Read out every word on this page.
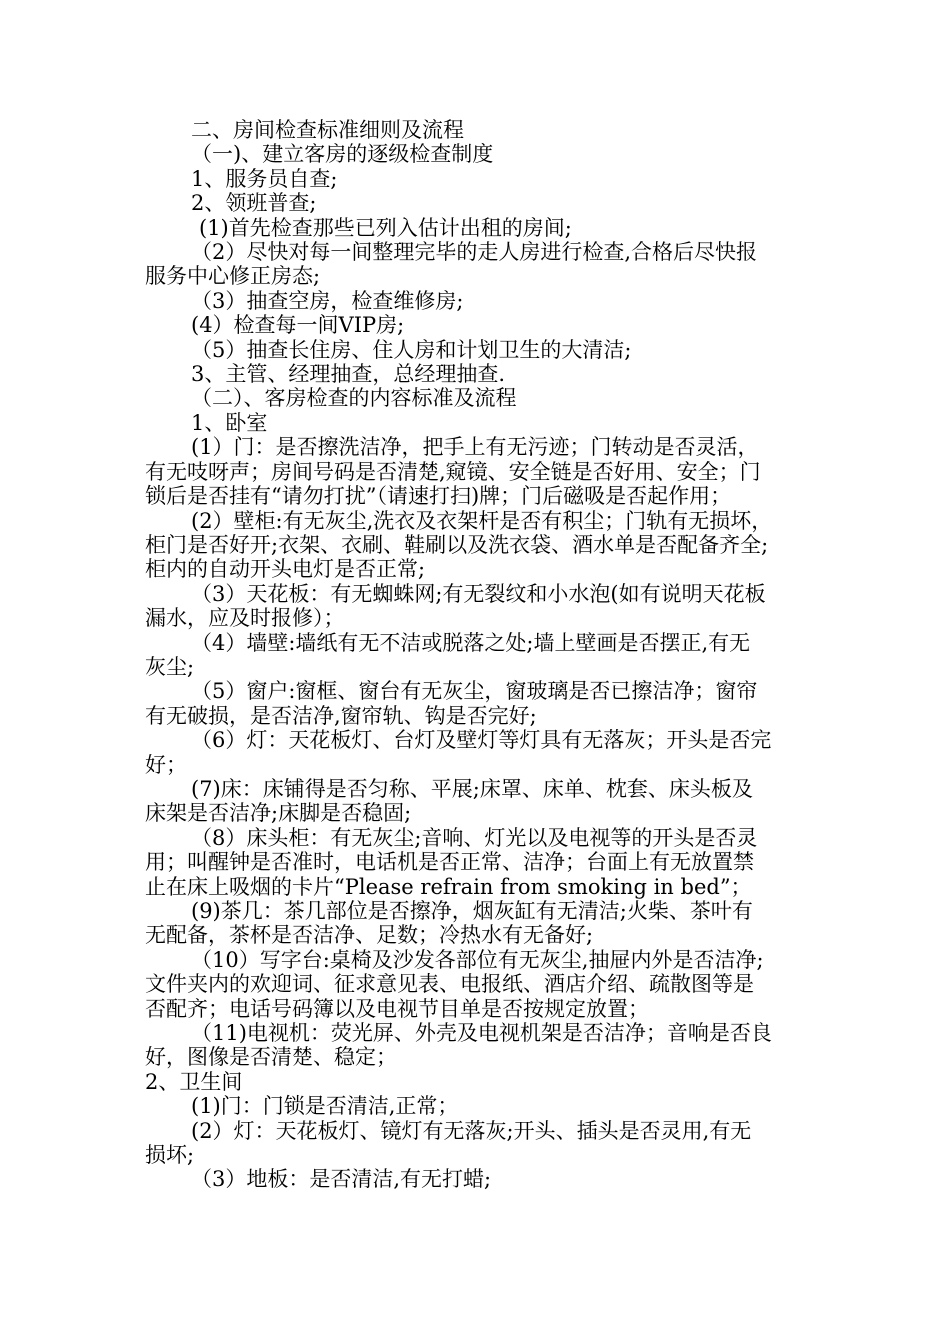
二、房间检查标准细则及流程

（一)、建立客房的逐级检查制度

1、服务员自查;

2、领班普查;

(1)首先检查那些已列入估计出租的房间;

（2）尽快对每一间整理完毕的走人房进行检查,合格后尽快报

服务中心修正房态;

（3）抽查空房，检查维修房;

(4）检查每一间VIP房;

（5）抽查长住房、住人房和计划卫生的大清洁;

3、主管、经理抽查，总经理抽查.

（二）、客房检查的内容标准及流程

1、卧室

(1）门：是否擦洗洁净，把手上有无污迹；门转动是否灵活，

有无吱呀声；房间号码是否清楚,窥镜、安全链是否好用、安全；门

锁后是否挂有“请勿打扰”（请速打扫)牌；门后磁吸是否起作用；

(2）壁柜:有无灰尘,洗衣及衣架杆是否有积尘；门轨有无损坏，

柜门是否好开;衣架、衣刷、鞋刷以及洗衣袋、酒水单是否配备齐全;

柜内的自动开头电灯是否正常;

（3）天花板：有无蜘蛛网;有无裂纹和小水泡(如有说明天花板

漏水，应及时报修）；

（4）墙壁:墙纸有无不洁或脱落之处;墙上壁画是否摆正,有无

灰尘;

（5）窗户:窗框、窗台有无灰尘，窗玻璃是否已擦洁净；窗帘

有无破损，是否洁净,窗帘轨、钩是否完好;

（6）灯：天花板灯、台灯及壁灯等灯具有无落灰；开头是否完

好；

(7)床：床铺得是否匀称、平展;床罩、床单、枕套、床头板及

床架是否洁净;床脚是否稳固;

（8）床头柜：有无灰尘;音响、灯光以及电视等的开头是否灵

用；叫醒钟是否准时，电话机是否正常、洁净；台面上有无放置禁

止在床上吸烟的卡片“Please refrain from smoking in bed”；

(9)茶几：茶几部位是否擦净，烟灰缸有无清洁;火柴、茶叶有

无配备，茶杯是否洁净、足数；冷热水有无备好;

（10）写字台:桌椅及沙发各部位有无灰尘,抽屉内外是否洁净;

文件夹内的欢迎词、征求意见表、电报纸、酒店介绍、疏散图等是

否配齐；电话号码簿以及电视节目单是否按规定放置；

（11)电视机：荧光屏、外壳及电视机架是否洁净；音响是否良

好，图像是否清楚、稳定；

2、卫生间

(1)门：门锁是否清洁,正常；

(2）灯：天花板灯、镜灯有无落灰;开头、插头是否灵用,有无

损坏;

（3）地板：是否清洁,有无打蜡;
